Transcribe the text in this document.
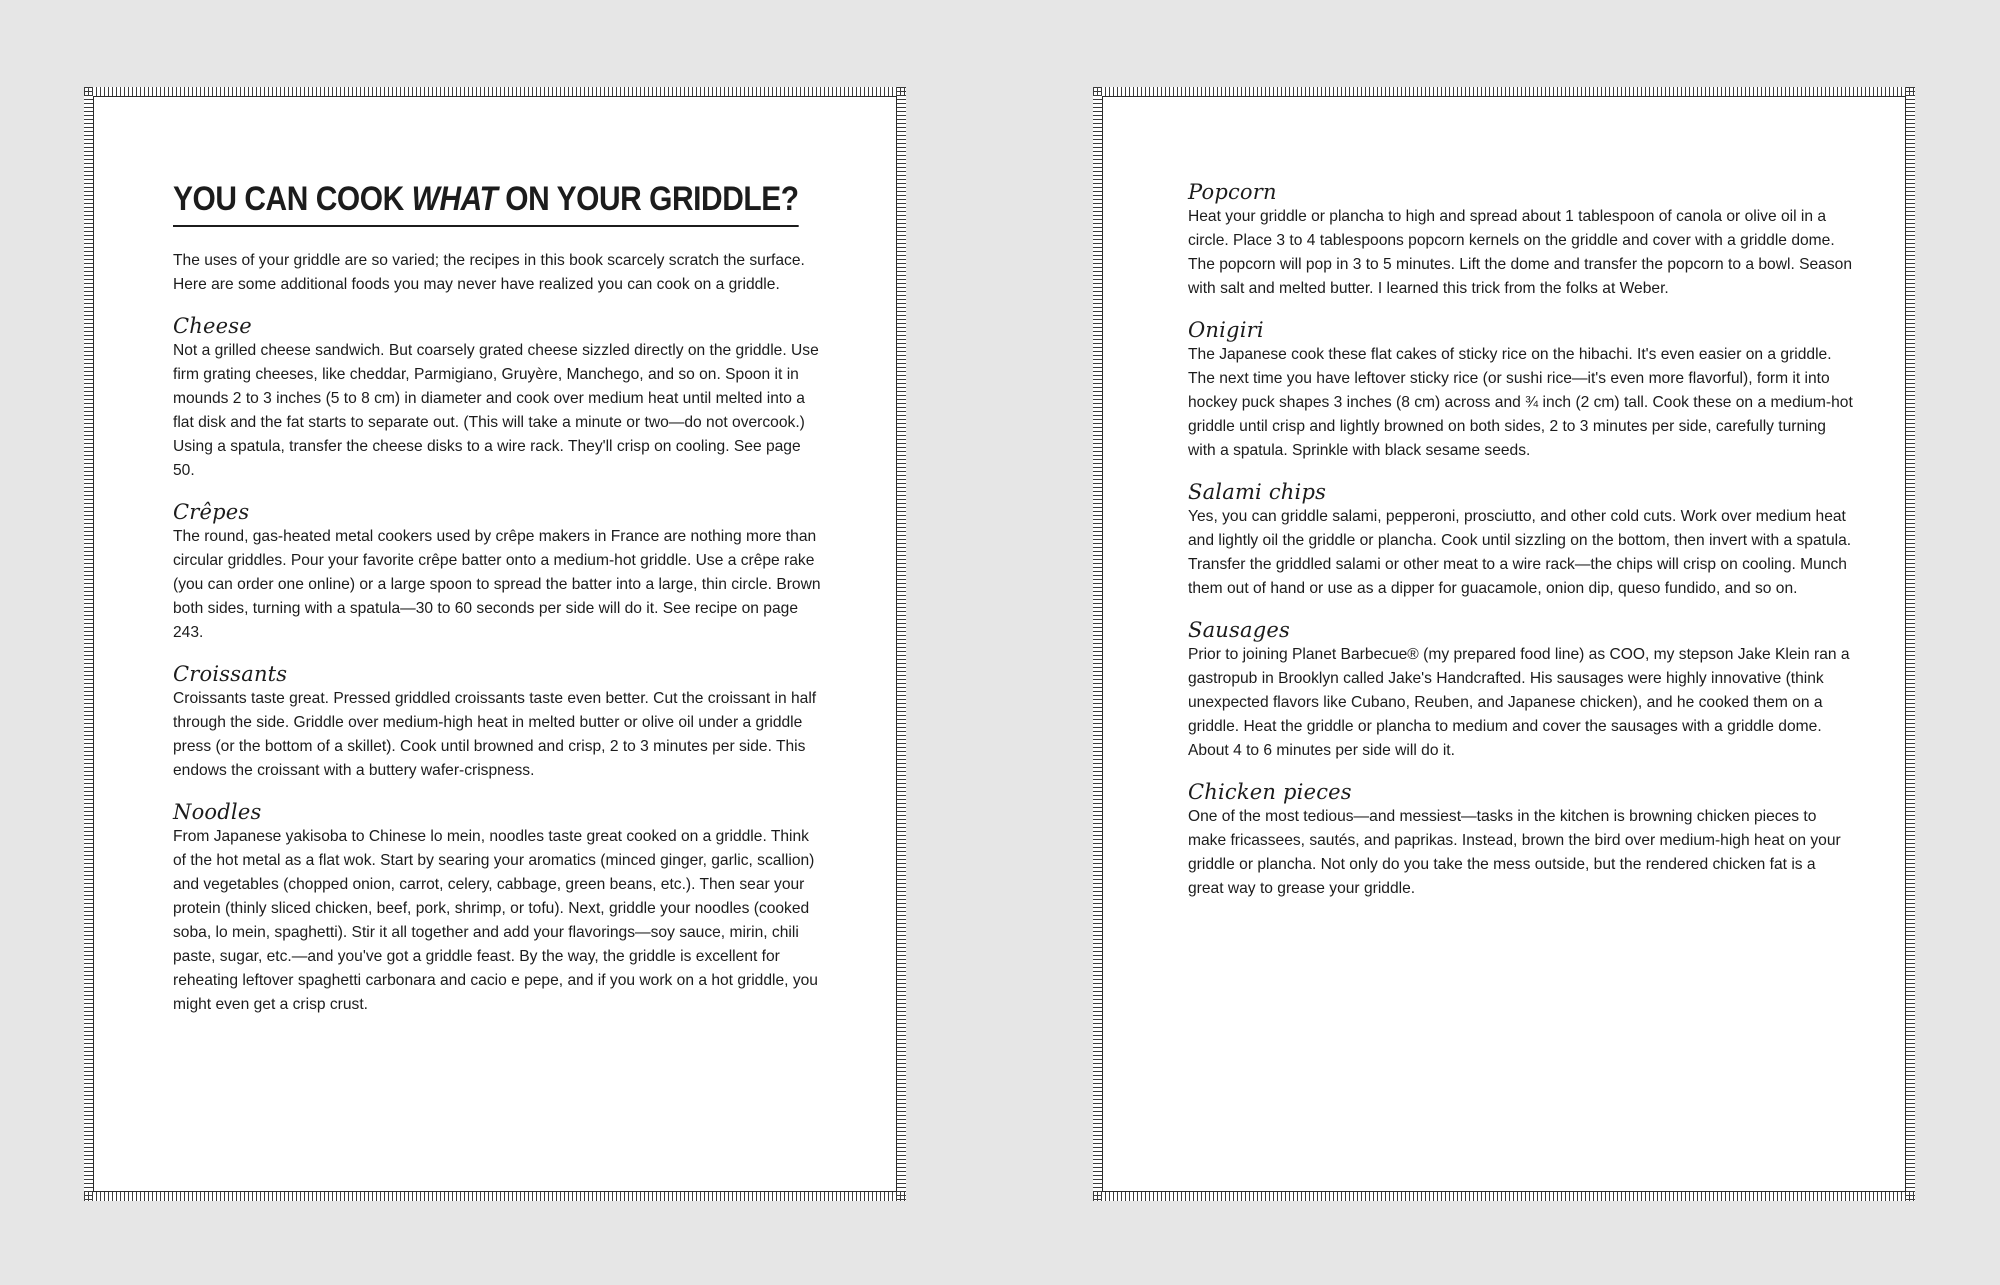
YOU CAN COOK WHAT ON YOUR GRIDDLE?

The uses of your griddle are so varied; the recipes in this book scarcely scratch the surface. Here are some additional foods you may never have realized you can cook on a griddle.

Cheese

Not a grilled cheese sandwich. But coarsely grated cheese sizzled directly on the griddle. Use firm grating cheeses, like cheddar, Parmigiano, Gruyère, Manchego, and so on. Spoon it in mounds 2 to 3 inches (5 to 8 cm) in diameter and cook over medium heat until melted into a flat disk and the fat starts to separate out. (This will take a minute or two—do not overcook.) Using a spatula, transfer the cheese disks to a wire rack. They'll crisp on cooling. See page 50.

Crêpes

The round, gas-heated metal cookers used by crêpe makers in France are nothing more than circular griddles. Pour your favorite crêpe batter onto a medium-hot griddle. Use a crêpe rake (you can order one online) or a large spoon to spread the batter into a large, thin circle. Brown both sides, turning with a spatula—30 to 60 seconds per side will do it. See recipe on page 243.

Croissants

Croissants taste great. Pressed griddled croissants taste even better. Cut the croissant in half through the side. Griddle over medium-high heat in melted butter or olive oil under a griddle press (or the bottom of a skillet). Cook until browned and crisp, 2 to 3 minutes per side. This endows the croissant with a buttery wafer-crispness.

Noodles

From Japanese yakisoba to Chinese lo mein, noodles taste great cooked on a griddle. Think of the hot metal as a flat wok. Start by searing your aromatics (minced ginger, garlic, scallion) and vegetables (chopped onion, carrot, celery, cabbage, green beans, etc.). Then sear your protein (thinly sliced chicken, beef, pork, shrimp, or tofu). Next, griddle your noodles (cooked soba, lo mein, spaghetti). Stir it all together and add your flavorings—soy sauce, mirin, chili paste, sugar, etc.—and you've got a griddle feast. By the way, the griddle is excellent for reheating leftover spaghetti carbonara and cacio e pepe, and if you work on a hot griddle, you might even get a crisp crust.

Popcorn

Heat your griddle or plancha to high and spread about 1 tablespoon of canola or olive oil in a circle. Place 3 to 4 tablespoons popcorn kernels on the griddle and cover with a griddle dome. The popcorn will pop in 3 to 5 minutes. Lift the dome and transfer the popcorn to a bowl. Season with salt and melted butter. I learned this trick from the folks at Weber.

Onigiri

The Japanese cook these flat cakes of sticky rice on the hibachi. It's even easier on a griddle. The next time you have leftover sticky rice (or sushi rice—it's even more flavorful), form it into hockey puck shapes 3 inches (8 cm) across and ¾ inch (2 cm) tall. Cook these on a medium-hot griddle until crisp and lightly browned on both sides, 2 to 3 minutes per side, carefully turning with a spatula. Sprinkle with black sesame seeds.

Salami chips

Yes, you can griddle salami, pepperoni, prosciutto, and other cold cuts. Work over medium heat and lightly oil the griddle or plancha. Cook until sizzling on the bottom, then invert with a spatula. Transfer the griddled salami or other meat to a wire rack—the chips will crisp on cooling. Munch them out of hand or use as a dipper for guacamole, onion dip, queso fundido, and so on.

Sausages

Prior to joining Planet Barbecue® (my prepared food line) as COO, my stepson Jake Klein ran a gastropub in Brooklyn called Jake's Handcrafted. His sausages were highly innovative (think unexpected flavors like Cubano, Reuben, and Japanese chicken), and he cooked them on a griddle. Heat the griddle or plancha to medium and cover the sausages with a griddle dome. About 4 to 6 minutes per side will do it.

Chicken pieces

One of the most tedious—and messiest—tasks in the kitchen is browning chicken pieces to make fricassees, sautés, and paprikas. Instead, brown the bird over medium-high heat on your griddle or plancha. Not only do you take the mess outside, but the rendered chicken fat is a great way to grease your griddle.
